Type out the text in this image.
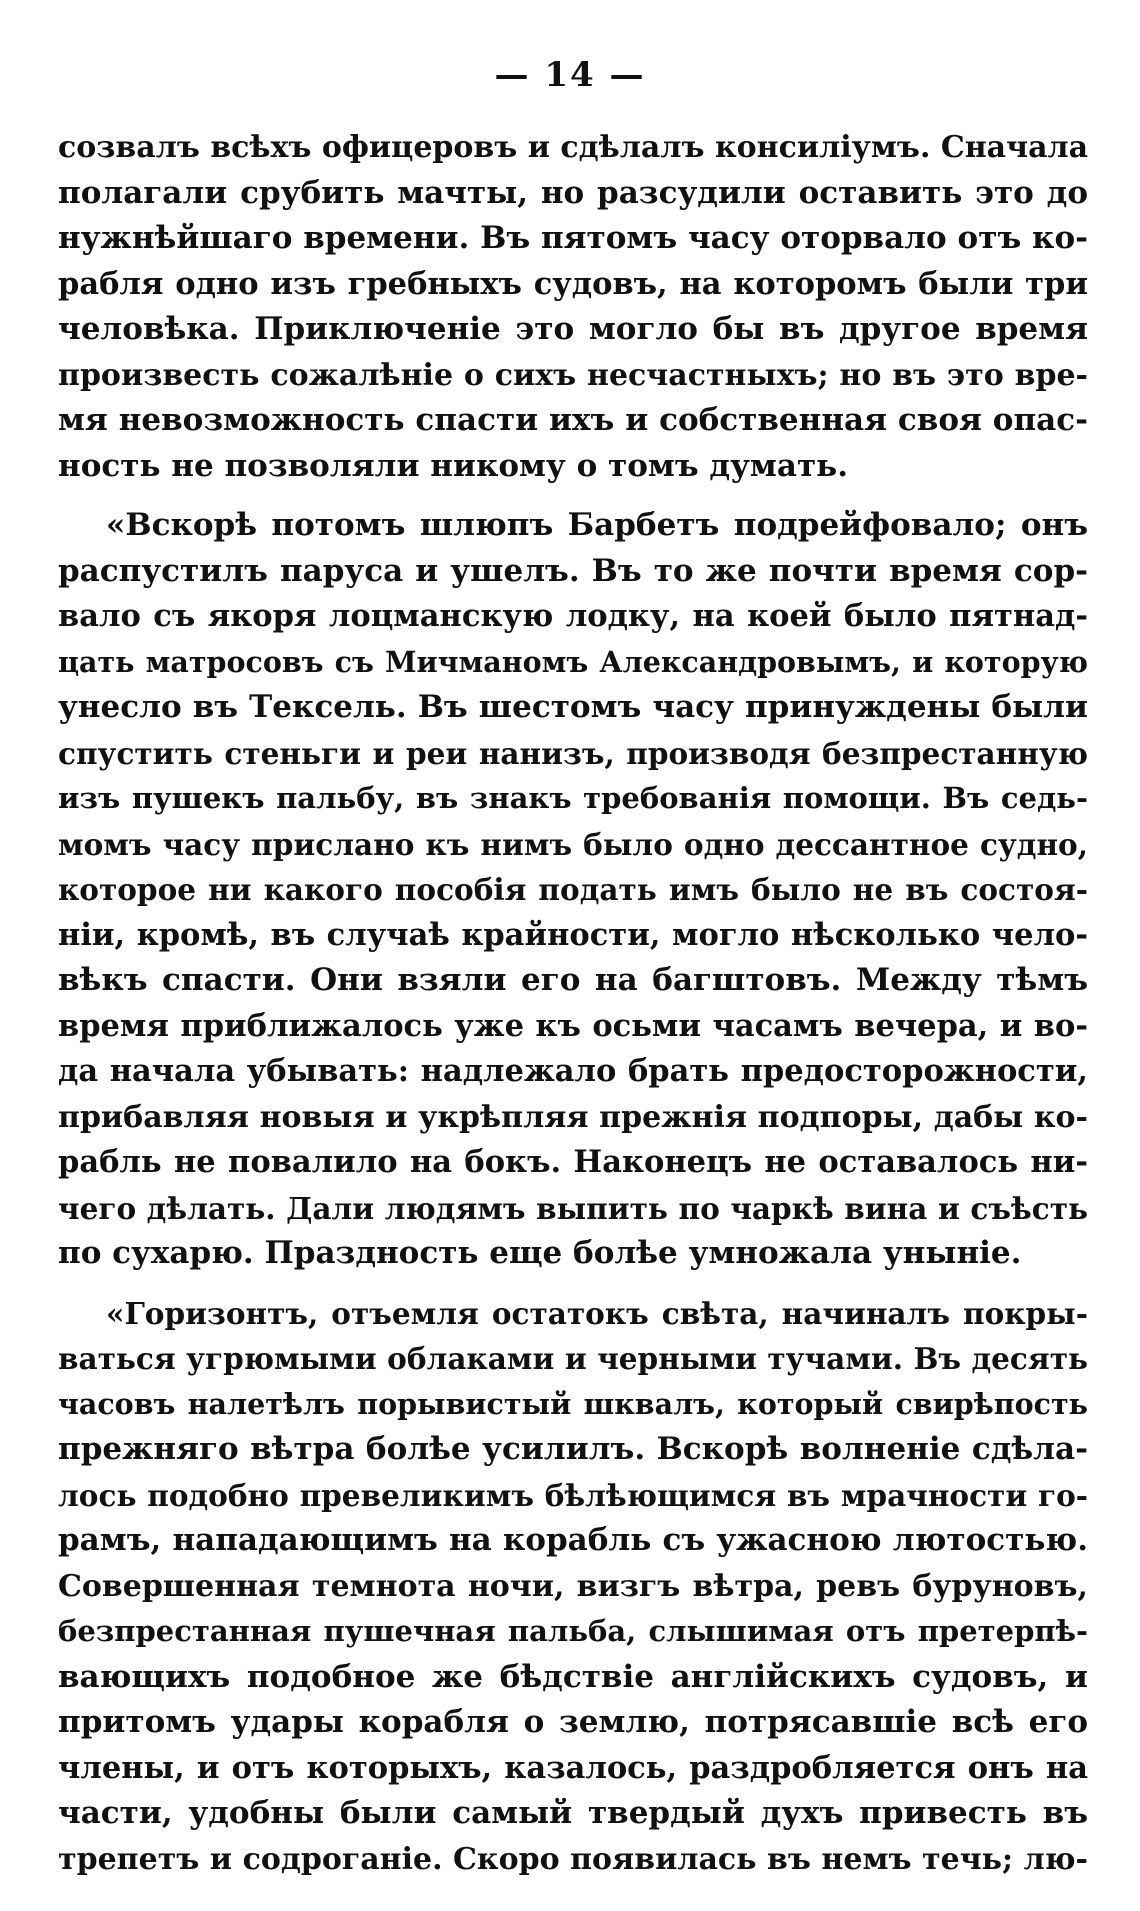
— 14 —
созвалъ всѣхъ офицеровъ и сдѣлалъ консилiумъ. Сначала
полагали срубить мачты, но разсудили оставить это до
нужнѣйшаго времени. Въ пятомъ часу оторвало отъ ко-
рабля одно изъ гребныхъ судовъ, на которомъ были три
человѣка. Приключенiе это могло бы въ другое время
произвесть сожалѣнiе о сихъ несчастныхъ; но въ это вре-
мя невозможность спасти ихъ и собственная своя опас-
ность не позволяли никому о томъ думать.
«Вскорѣ потомъ шлюпъ Барбетъ подрейфовало; онъ
распустилъ паруса и ушелъ. Въ то же почти время сор-
вало съ якоря лоцманскую лодку, на коей было пятнад-
цать матросовъ съ Мичманомъ Александровымъ, и которую
унесло въ Тексель. Въ шестомъ часу принуждены были
спустить стеньги и реи нанизъ, производя безпрестанную
изъ пушекъ пальбу, въ знакъ требованiя помощи. Въ седь-
момъ часу прислано къ нимъ было одно дессантное судно,
которое ни какого пособiя подать имъ было не въ состоя-
нiи, кромѣ, въ случаѣ крайности, могло нѣсколько чело-
вѣкъ спасти. Они взяли его на багштовъ. Между тѣмъ
время приближалось уже къ осьми часамъ вечера, и во-
да начала убывать: надлежало брать предосторожности,
прибавляя новыя и укрѣпляя прежнiя подпоры, дабы ко-
рабль не повалило на бокъ. Наконецъ не оставалось ни-
чего дѣлать. Дали людямъ выпить по чаркѣ вина и съѣсть
по сухарю. Праздность еще болѣе умножала унынiе.
«Горизонтъ, отъемля остатокъ свѣта, начиналъ покры-
ваться угрюмыми облаками и черными тучами. Въ десять
часовъ налетѣлъ порывистый шквалъ, который свирѣпость
прежняго вѣтра болѣе усилилъ. Вскорѣ волненiе сдѣла-
лось подобно превеликимъ бѣлѣющимся въ мрачности го-
рамъ, нападающимъ на корабль съ ужасною лютостью.
Совершенная темнота ночи, визгъ вѣтра, ревъ буруновъ,
безпрестанная пушечная пальба, слышимая отъ претерпѣ-
вающихъ подобное же бѣдствiе англiйскихъ судовъ, и
притомъ удары корабля о землю, потрясавшiе всѣ его
члены, и отъ которыхъ, казалось, раздробляется онъ на
части, удобны были самый твердый духъ привесть въ
трепетъ и содроганiе. Скоро появилась въ немъ течь; лю-
